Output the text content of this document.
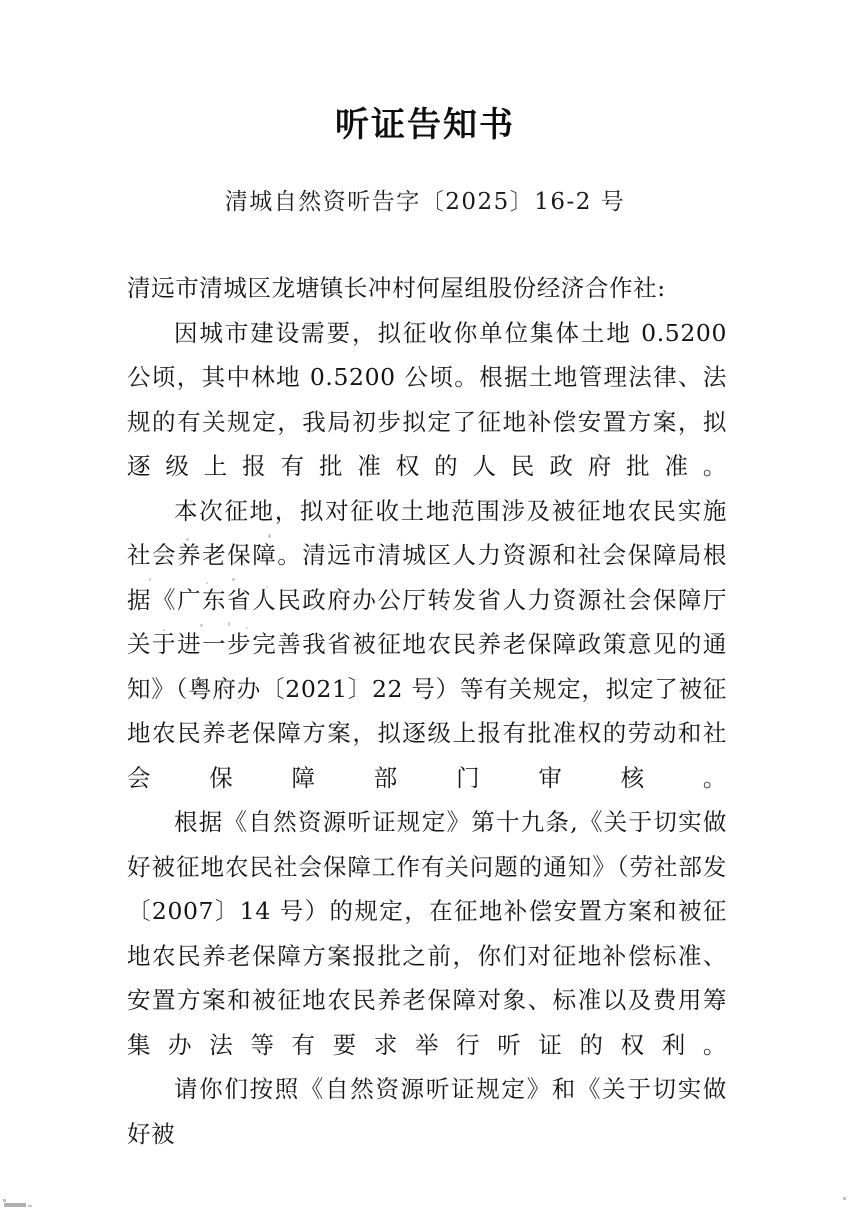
听证告知书
清城自然资听告字〔2025〕16-2 号

清远市清城区龙塘镇长冲村何屋组股份经济合作社:

因城市建设需要，拟征收你单位集体土地 0.5200 公顷，其中林地 0.5200 公顷。根据土地管理法律、法规的有关规定，我局初步拟定了征地补偿安置方案，拟逐级上报有批准权的人民政府批准。

本次征地，拟对征收土地范围涉及被征地农民实施社会养老保障。清远市清城区人力资源和社会保障局根据《广东省人民政府办公厅转发省人力资源社会保障厅关于进一步完善我省被征地农民养老保障政策意见的通知》（粤府办〔2021〕22 号）等有关规定，拟定了被征地农民养老保障方案，拟逐级上报有批准权的劳动和社会保障部门审核。

根据《自然资源听证规定》第十九条,《关于切实做好被征地农民社会保障工作有关问题的通知》（劳社部发〔2007〕14 号）的规定，在征地补偿安置方案和被征地农民养老保障方案报批之前，你们对征地补偿标准、安置方案和被征地农民养老保障对象、标准以及费用筹集办法等有要求举行听证的权利。

请你们按照《自然资源听证规定》和《关于切实做好被
